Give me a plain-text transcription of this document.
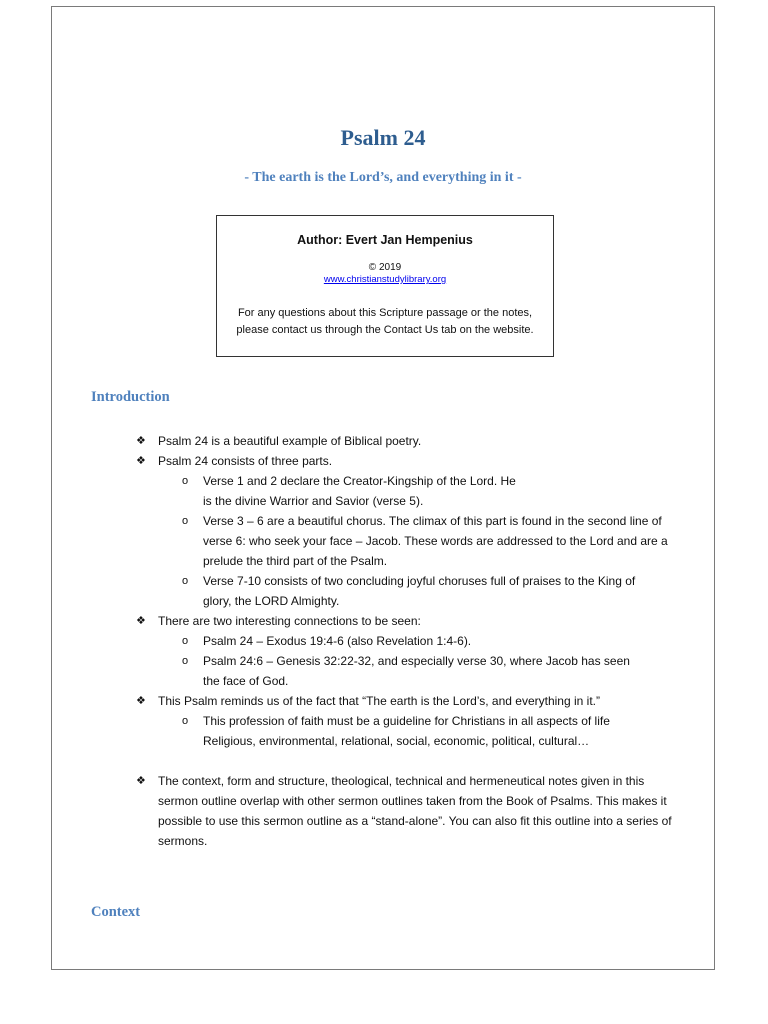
Psalm 24
- The earth is the Lord’s, and everything in it -
Author: Evert Jan Hempenius
© 2019
www.christianstudylibrary.org
For any questions about this Scripture passage or the notes, please contact us through the Contact Us tab on the website.
Introduction
❖ Psalm 24 is a beautiful example of Biblical poetry.
❖ Psalm 24 consists of three parts.
o Verse 1 and 2 declare the Creator-Kingship of the Lord. He is the divine Warrior and Savior (verse 5).
o Verse 3 – 6 are a beautiful chorus. The climax of this part is found in the second line of verse 6: who seek your face – Jacob. These words are addressed to the Lord and are a prelude the third part of the Psalm.
o Verse 7-10 consists of two concluding joyful choruses full of praises to the King of glory, the LORD Almighty.
❖ There are two interesting connections to be seen:
o Psalm 24 – Exodus 19:4-6 (also Revelation 1:4-6).
o Psalm 24:6 – Genesis 32:22-32, and especially verse 30, where Jacob has seen the face of God.
❖ This Psalm reminds us of the fact that “The earth is the Lord’s, and everything in it.”
o This profession of faith must be a guideline for Christians in all aspects of life Religious, environmental, relational, social, economic, political, cultural…
❖ The context, form and structure, theological, technical and hermeneutical notes given in this sermon outline overlap with other sermon outlines taken from the Book of Psalms. This makes it possible to use this sermon outline as a “stand-alone”. You can also fit this outline into a series of sermons.
Context
